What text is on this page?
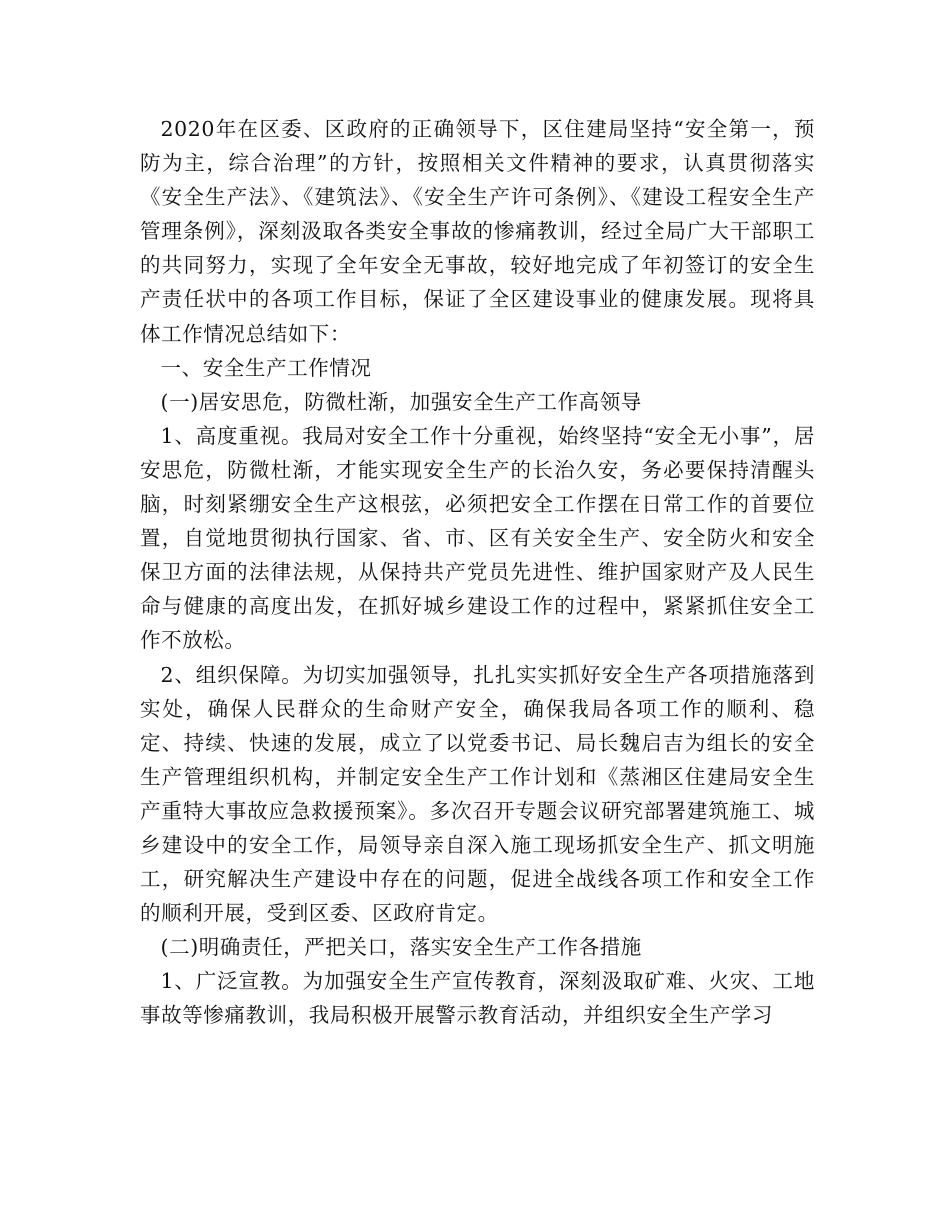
2020年在区委、区政府的正确领导下，区住建局坚持“安全第一，预防为主，综合治理”的方针，按照相关文件精神的要求，认真贯彻落实《安全生产法》、《建筑法》、《安全生产许可条例》、《建设工程安全生产管理条例》，深刻汲取各类安全事故的惨痛教训，经过全局广大干部职工的共同努力，实现了全年安全无事故，较好地完成了年初签订的安全生产责任状中的各项工作目标，保证了全区建设事业的健康发展。现将具体工作情况总结如下：

一、安全生产工作情况

(一)居安思危，防微杜渐，加强安全生产工作高领导

1、高度重视。我局对安全工作十分重视，始终坚持“安全无小事”，居安思危，防微杜渐，才能实现安全生产的长治久安，务必要保持清醒头脑，时刻紧绷安全生产这根弦，必须把安全工作摆在日常工作的首要位置，自觉地贯彻执行国家、省、市、区有关安全生产、安全防火和安全保卫方面的法律法规，从保持共产党员先进性、维护国家财产及人民生命与健康的高度出发，在抓好城乡建设工作的过程中，紧紧抓住安全工作不放松。

2、组织保障。为切实加强领导，扎扎实实抓好安全生产各项措施落到实处，确保人民群众的生命财产安全，确保我局各项工作的顺利、稳定、持续、快速的发展，成立了以党委书记、局长魏启吉为组长的安全生产管理组织机构，并制定安全生产工作计划和《蒸湘区住建局安全生产重特大事故应急救援预案》。多次召开专题会议研究部署建筑施工、城乡建设中的安全工作，局领导亲自深入施工现场抓安全生产、抓文明施工，研究解决生产建设中存在的问题，促进全战线各项工作和安全工作的顺利开展，受到区委、区政府肯定。

(二)明确责任，严把关口，落实安全生产工作各措施

1、广泛宣教。为加强安全生产宣传教育，深刻汲取矿难、火灾、工地事故等惨痛教训，我局积极开展警示教育活动，并组织安全生产学习
